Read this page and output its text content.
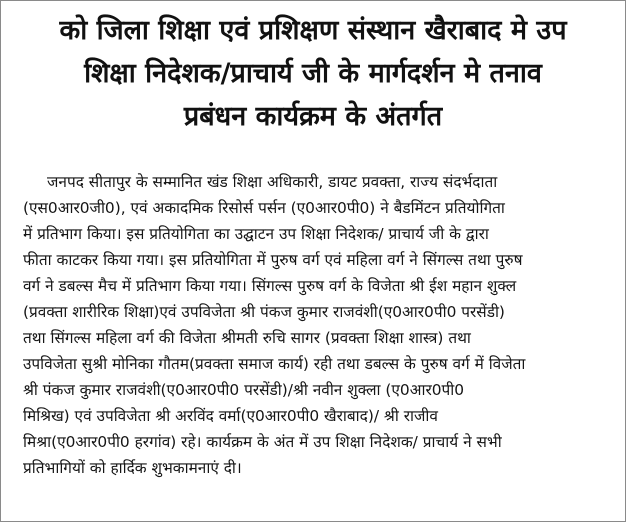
को जिला शिक्षा एवं प्रशिक्षण संस्थान खैराबाद मे उप
शिक्षा निदेशक/प्राचार्य जी के मार्गदर्शन मे तनाव
प्रबंधन कार्यक्रम के अंतर्गत
जनपद सीतापुर के सम्मानित खंड शिक्षा अधिकारी, डायट प्रवक्ता, राज्य संदर्भदाता
(एस0आर0जी0), एवं अकादमिक रिसोर्स पर्सन (ए0आर0पी0) ने बैडमिंटन प्रतियोगिता
में प्रतिभाग किया। इस प्रतियोगिता का उद्घाटन उप शिक्षा निदेशक/ प्राचार्य जी के द्वारा
फीता काटकर किया गया। इस प्रतियोगिता में पुरुष वर्ग एवं महिला वर्ग ने सिंगल्स तथा पुरुष
वर्ग ने डबल्स मैच में प्रतिभाग किया गया। सिंगल्स पुरुष वर्ग के विजेता श्री ईश महान शुक्ल
(प्रवक्ता शारीरिक शिक्षा)एवं उपविजेता श्री पंकज कुमार राजवंशी(ए0आर0पी0 परसेंडी)
तथा सिंगल्स महिला वर्ग की विजेता श्रीमती रुचि सागर (प्रवक्ता शिक्षा शास्त्र) तथा
उपविजेता सुश्री मोनिका गौतम(प्रवक्ता समाज कार्य) रही तथा डबल्स के पुरुष वर्ग में विजेता
श्री पंकज कुमार राजवंशी(ए0आर0पी0 परसेंडी)/श्री नवीन शुक्ला (ए0आर0पी0
मिश्रिख) एवं उपविजेता श्री अरविंद वर्मा(ए0आर0पी0 खैराबाद)/ श्री राजीव
मिश्रा(ए0आर0पी0 हरगांव) रहे। कार्यक्रम के अंत में उप शिक्षा निदेशक/ प्राचार्य ने सभी
प्रतिभागियों को हार्दिक शुभकामनाएं दी।
